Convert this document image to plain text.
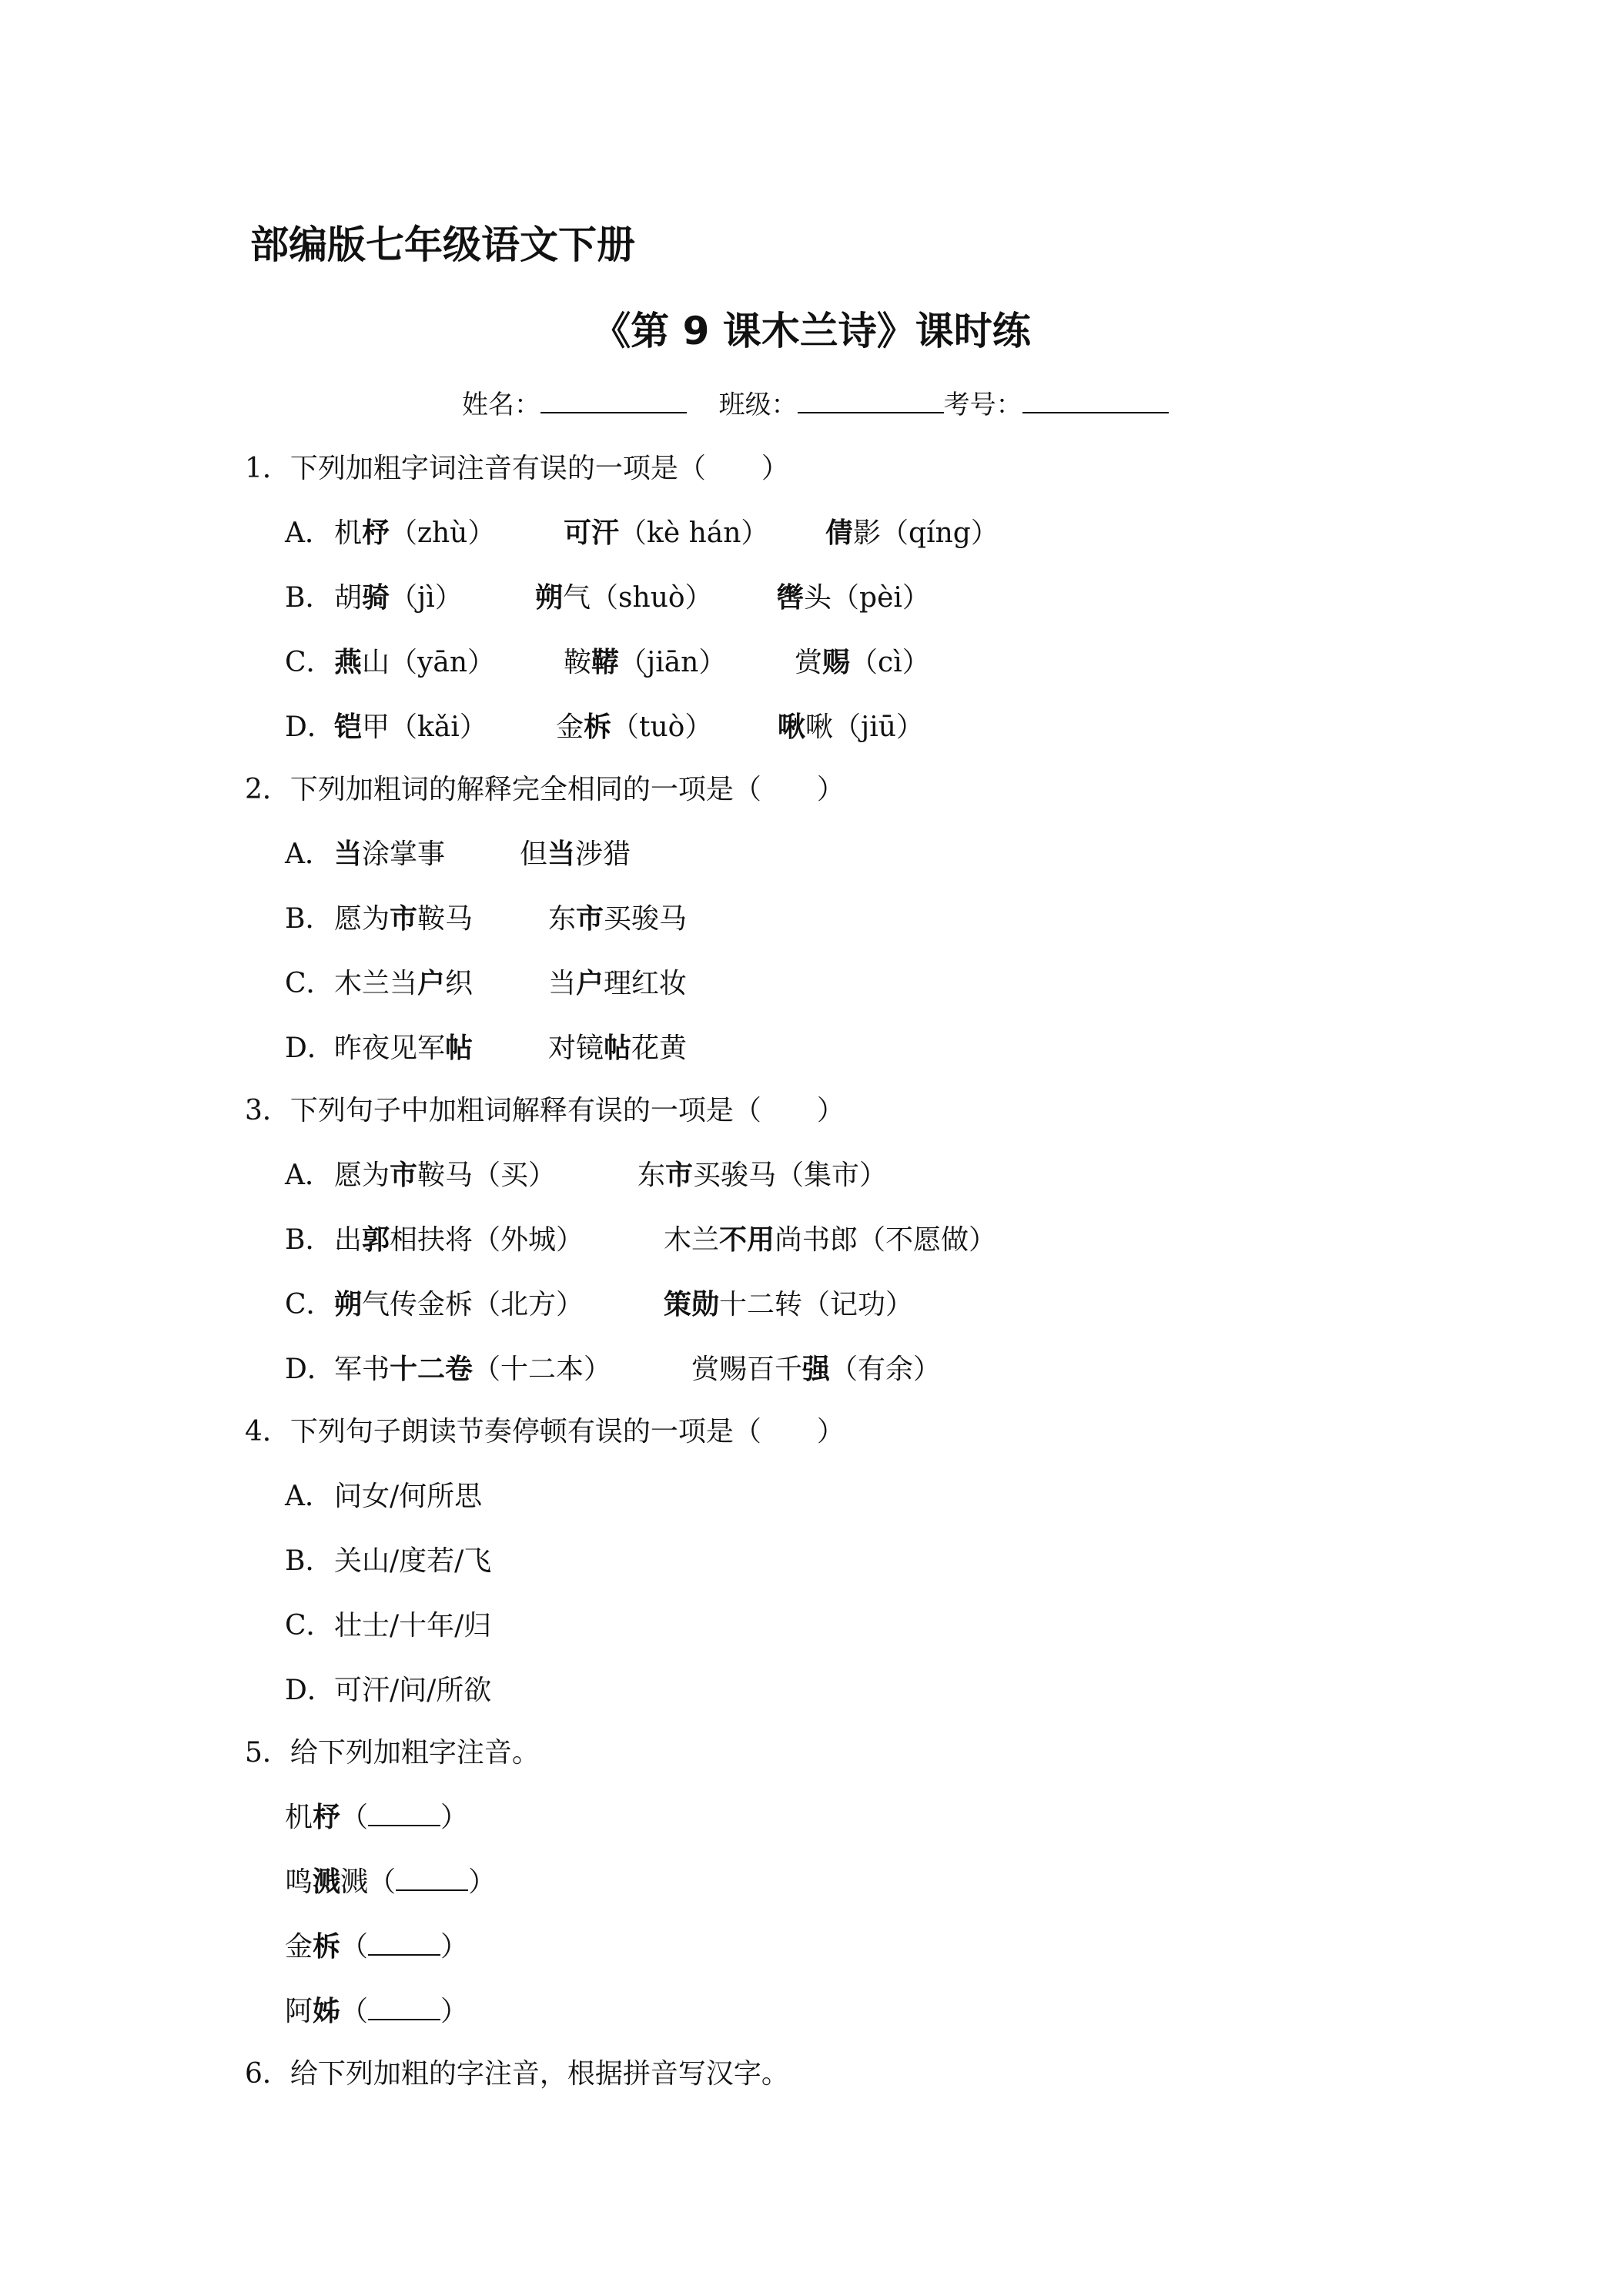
部编版七年级语文下册
《第 9 课木兰诗》课时练
姓名：	班级：	考号：
1．下列加粗字词注音有误的一项是（　　）
A．机杼（zhù） 可汗（kè hán） 倩影（qíng）
B．胡骑（jì）	朔气（shuò） 辔头（pèi）
C．燕山（yān） 鞍鞯（jiān） 赏赐（cì）
D．铠甲（kǎi） 金柝（tuò） 啾啾（jiū）
2．下列加粗词的解释完全相同的一项是（　　）
A．当涂掌事	但当涉猎
B．愿为市鞍马	东市买骏马
C．木兰当户织	当户理红妆
D．昨夜见军帖	对镜帖花黄
3．下列句子中加粗词解释有误的一项是（　　）
A．愿为市鞍马（买）	东市买骏马（集市）
B．出郭相扶将（外城）	木兰不用尚书郎（不愿做）
C．朔气传金柝（北方）	策勋十二转（记功）
D．军书十二卷（十二本）	赏赐百千强（有余）
4．下列句子朗读节奏停顿有误的一项是（　　）
A．问女/何所思
B．关山/度若/飞
C．壮士/十年/归
D．可汗/问/所欲
5．给下列加粗字注音。
机杼（	）
鸣溅溅（	）
金柝（	）
阿姊（	）
6．给下列加粗的字注音，根据拼音写汉字。
